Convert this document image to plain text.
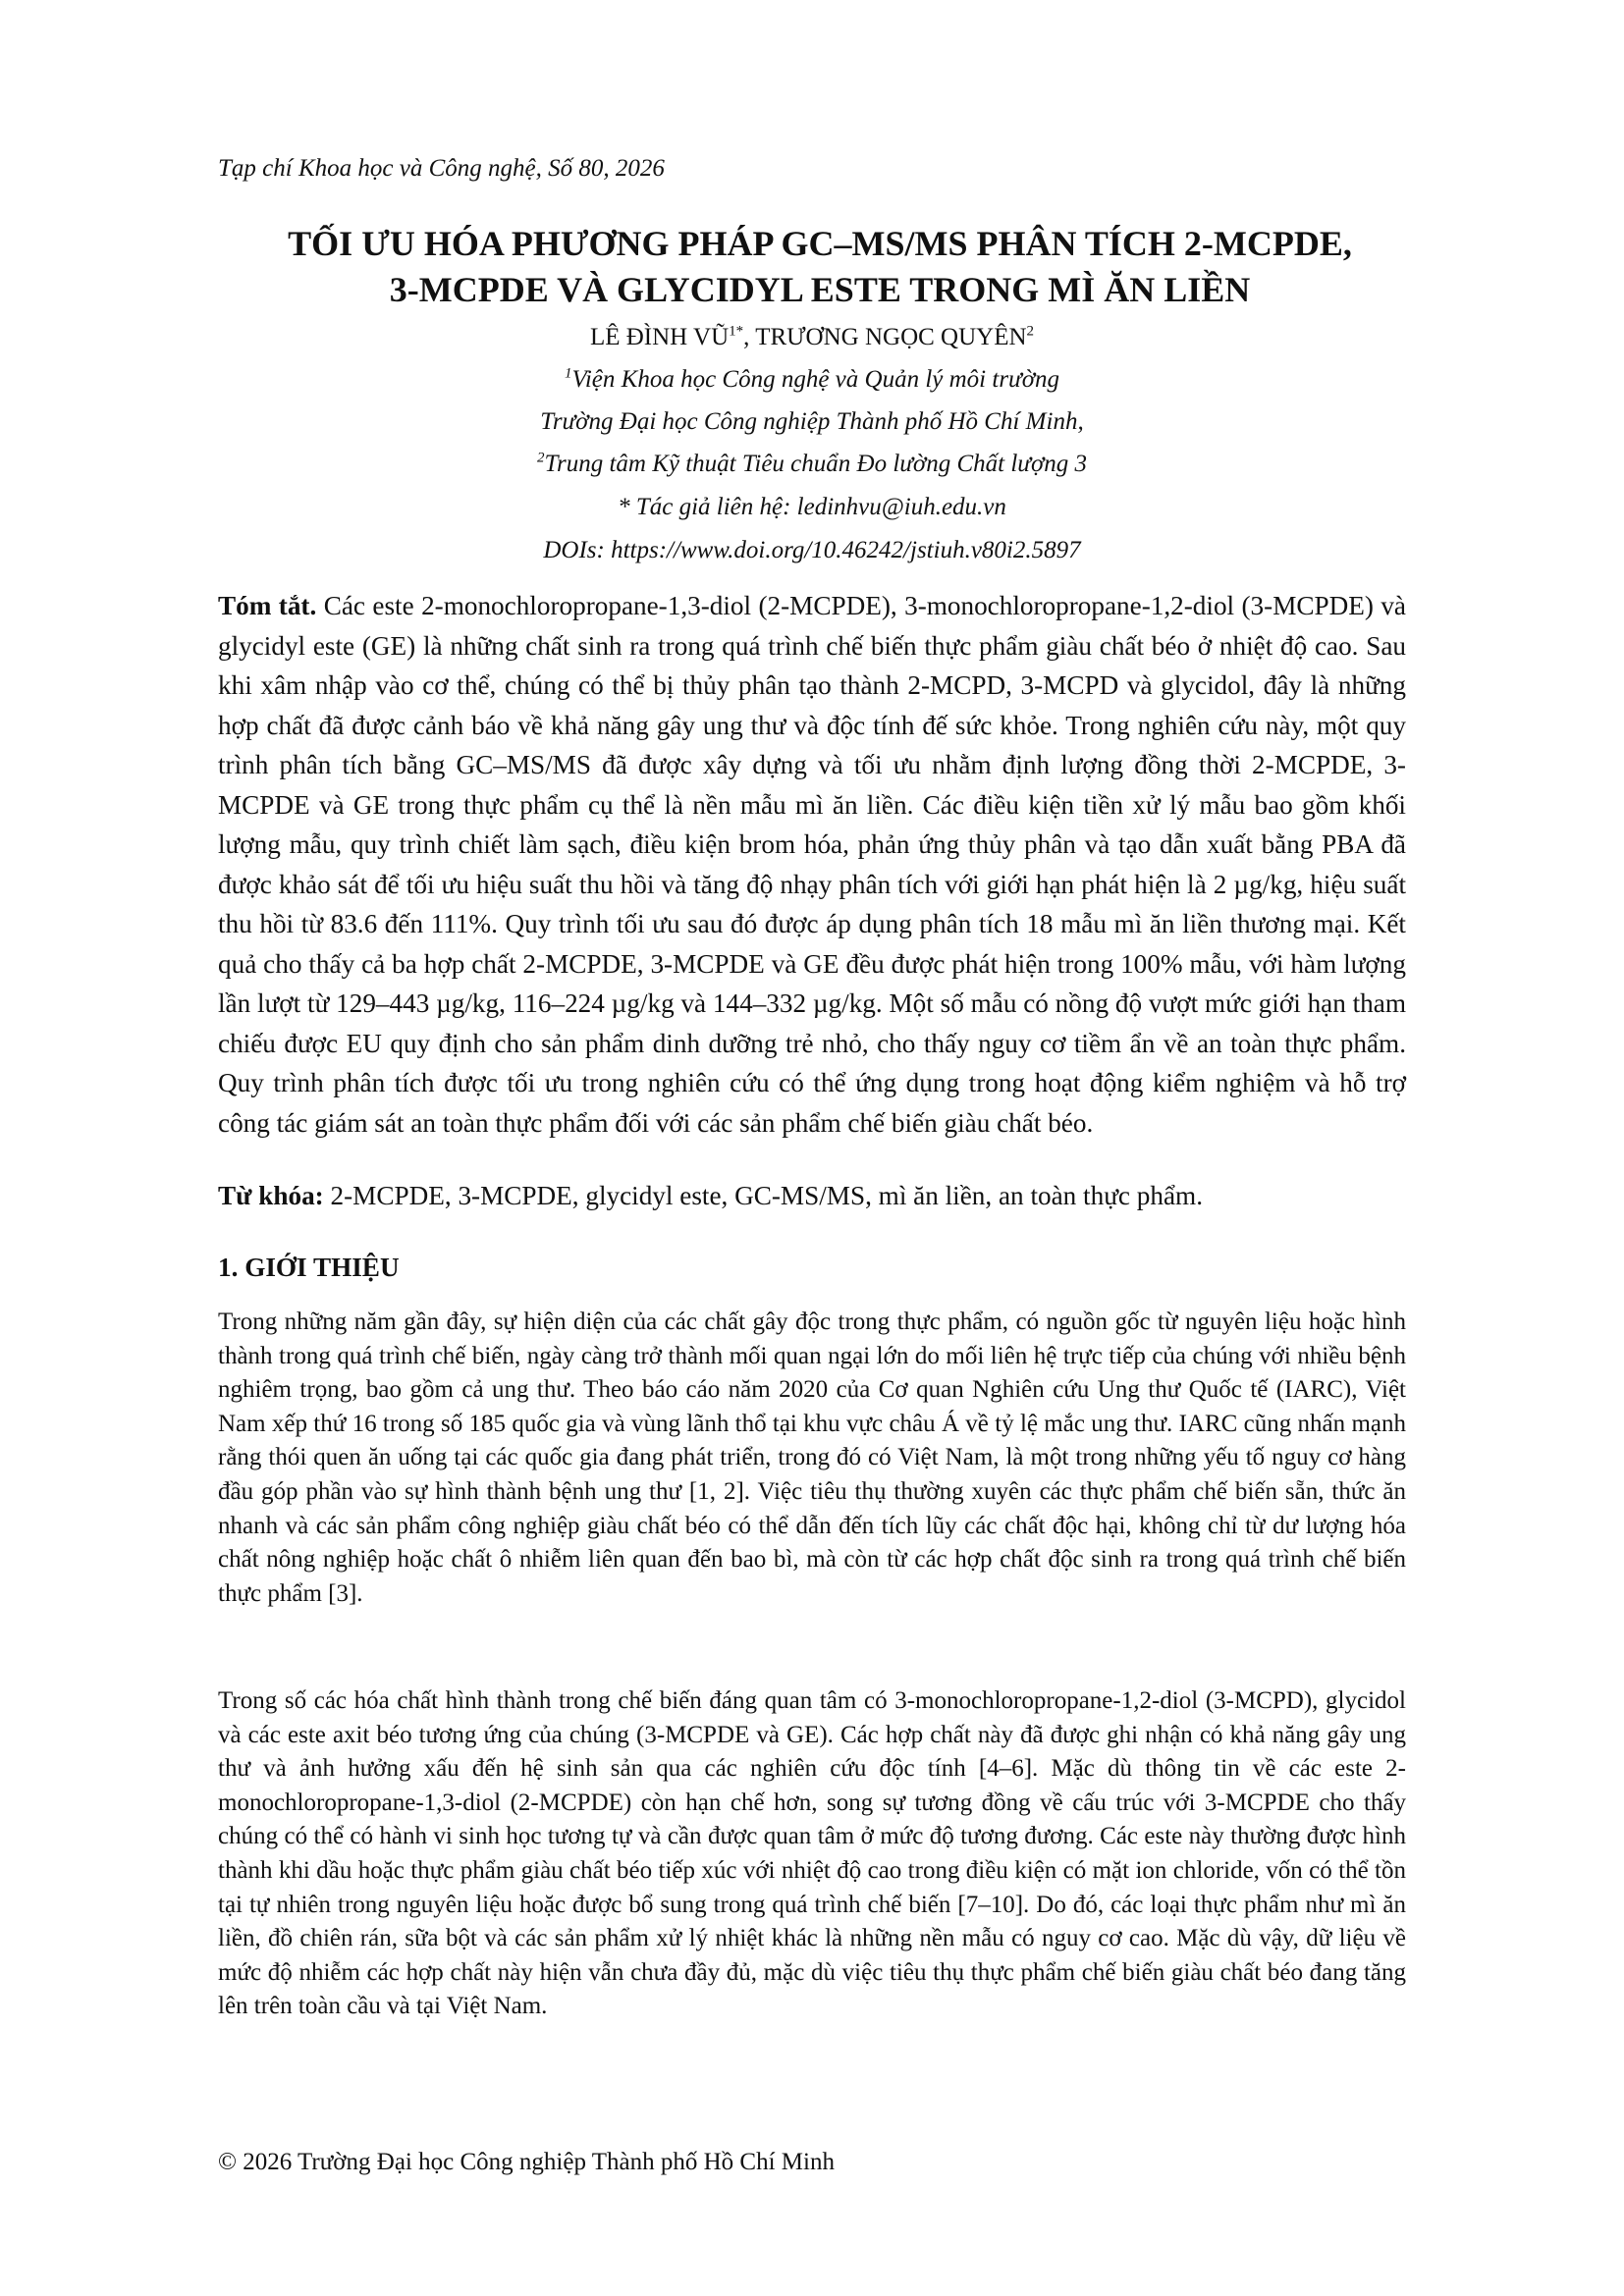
Tạp chí Khoa học và Công nghệ, Số 80, 2026
TỐI ƯU HÓA PHƯƠNG PHÁP GC–MS/MS PHÂN TÍCH 2-MCPDE, 3-MCPDE VÀ GLYCIDYL ESTE TRONG MÌ ĂN LIỀN
LÊ ĐÌNH $VŨ^{1*}$, TRƯƠNG NGỌC QUYÊN$^2$
$^1$Viện Khoa học Công nghệ và Quản lý môi trường
Trường Đại học Công nghiệp Thành phố Hồ Chí Minh,
$^2$Trung tâm Kỹ thuật Tiêu chuẩn Đo lường Chất lượng 3
* Tác giả liên hệ: ledinhvu@iuh.edu.vn
DOIs: https://www.doi.org/10.46242/jstiuh.v80i2.5897

Tóm tắt. Các este 2-monochloropropane-1,3-diol (2-MCPDE), 3-monochloropropane-1,2-diol (3-MCPDE) và glycidyl este (GE) là những chất sinh ra trong quá trình chế biến thực phẩm giàu chất béo ở nhiệt độ cao. Sau khi xâm nhập vào cơ thể, chúng có thể bị thủy phân tạo thành 2-MCPD, 3-MCPD và glycidol, đây là những hợp chất đã được cảnh báo về khả năng gây ung thư và độc tính đế sức khỏe. Trong nghiên cứu này, một quy trình phân tích bằng GC–MS/MS đã được xây dựng và tối ưu nhằm định lượng đồng thời 2-MCPDE, 3-MCPDE và GE trong thực phẩm cụ thể là nền mẫu mì ăn liền. Các điều kiện tiền xử lý mẫu bao gồm khối lượng mẫu, quy trình chiết làm sạch, điều kiện brom hóa, phản ứng thủy phân và tạo dẫn xuất bằng PBA đã được khảo sát để tối ưu hiệu suất thu hồi và tăng độ nhạy phân tích với giới hạn phát hiện là 2 µg/kg, hiệu suất thu hồi từ 83.6 đến 111%. Quy trình tối ưu sau đó được áp dụng phân tích 18 mẫu mì ăn liền thương mại. Kết quả cho thấy cả ba hợp chất 2-MCPDE, 3-MCPDE và GE đều được phát hiện trong 100% mẫu, với hàm lượng lần lượt từ 129–443 µg/kg, 116–224 µg/kg và 144–332 µg/kg. Một số mẫu có nồng độ vượt mức giới hạn tham chiếu được EU quy định cho sản phẩm dinh dưỡng trẻ nhỏ, cho thấy nguy cơ tiềm ẩn về an toàn thực phẩm. Quy trình phân tích được tối ưu trong nghiên cứu có thể ứng dụng trong hoạt động kiểm nghiệm và hỗ trợ công tác giám sát an toàn thực phẩm đối với các sản phẩm chế biến giàu chất béo.

Từ khóa: 2-MCPDE, 3-MCPDE, glycidyl este, GC-MS/MS, mì ăn liền, an toàn thực phẩm.

1. GIỚI THIỆU

Trong những năm gần đây, sự hiện diện của các chất gây độc trong thực phẩm, có nguồn gốc từ nguyên liệu hoặc hình thành trong quá trình chế biến, ngày càng trở thành mối quan ngại lớn do mối liên hệ trực tiếp của chúng với nhiều bệnh nghiêm trọng, bao gồm cả ung thư. Theo báo cáo năm 2020 của Cơ quan Nghiên cứu Ung thư Quốc tế (IARC), Việt Nam xếp thứ 16 trong số 185 quốc gia và vùng lãnh thổ tại khu vực châu Á về tỷ lệ mắc ung thư. IARC cũng nhấn mạnh rằng thói quen ăn uống tại các quốc gia đang phát triển, trong đó có Việt Nam, là một trong những yếu tố nguy cơ hàng đầu góp phần vào sự hình thành bệnh ung thư [1, 2]. Việc tiêu thụ thường xuyên các thực phẩm chế biến sẵn, thức ăn nhanh và các sản phẩm công nghiệp giàu chất béo có thể dẫn đến tích lũy các chất độc hại, không chỉ từ dư lượng hóa chất nông nghiệp hoặc chất ô nhiễm liên quan đến bao bì, mà còn từ các hợp chất độc sinh ra trong quá trình chế biến thực phẩm [3].

Trong số các hóa chất hình thành trong chế biến đáng quan tâm có 3-monochloropropane-1,2-diol (3-MCPD), glycidol và các este axit béo tương ứng của chúng (3-MCPDE và GE). Các hợp chất này đã được ghi nhận có khả năng gây ung thư và ảnh hưởng xấu đến hệ sinh sản qua các nghiên cứu độc tính [4–6]. Mặc dù thông tin về các este 2-monochloropropane-1,3-diol (2-MCPDE) còn hạn chế hơn, song sự tương đồng về cấu trúc với 3-MCPDE cho thấy chúng có thể có hành vi sinh học tương tự và cần được quan tâm ở mức độ tương đương. Các este này thường được hình thành khi dầu hoặc thực phẩm giàu chất béo tiếp xúc với nhiệt độ cao trong điều kiện có mặt ion chloride, vốn có thể tồn tại tự nhiên trong nguyên liệu hoặc được bổ sung trong quá trình chế biến [7–10]. Do đó, các loại thực phẩm như mì ăn liền, đồ chiên rán, sữa bột và các sản phẩm xử lý nhiệt khác là những nền mẫu có nguy cơ cao. Mặc dù vậy, dữ liệu về mức độ nhiễm các hợp chất này hiện vẫn chưa đầy đủ, mặc dù việc tiêu thụ thực phẩm chế biến giàu chất béo đang tăng lên trên toàn cầu và tại Việt Nam.

© 2026 Trường Đại học Công nghiệp Thành phố Hồ Chí Minh
